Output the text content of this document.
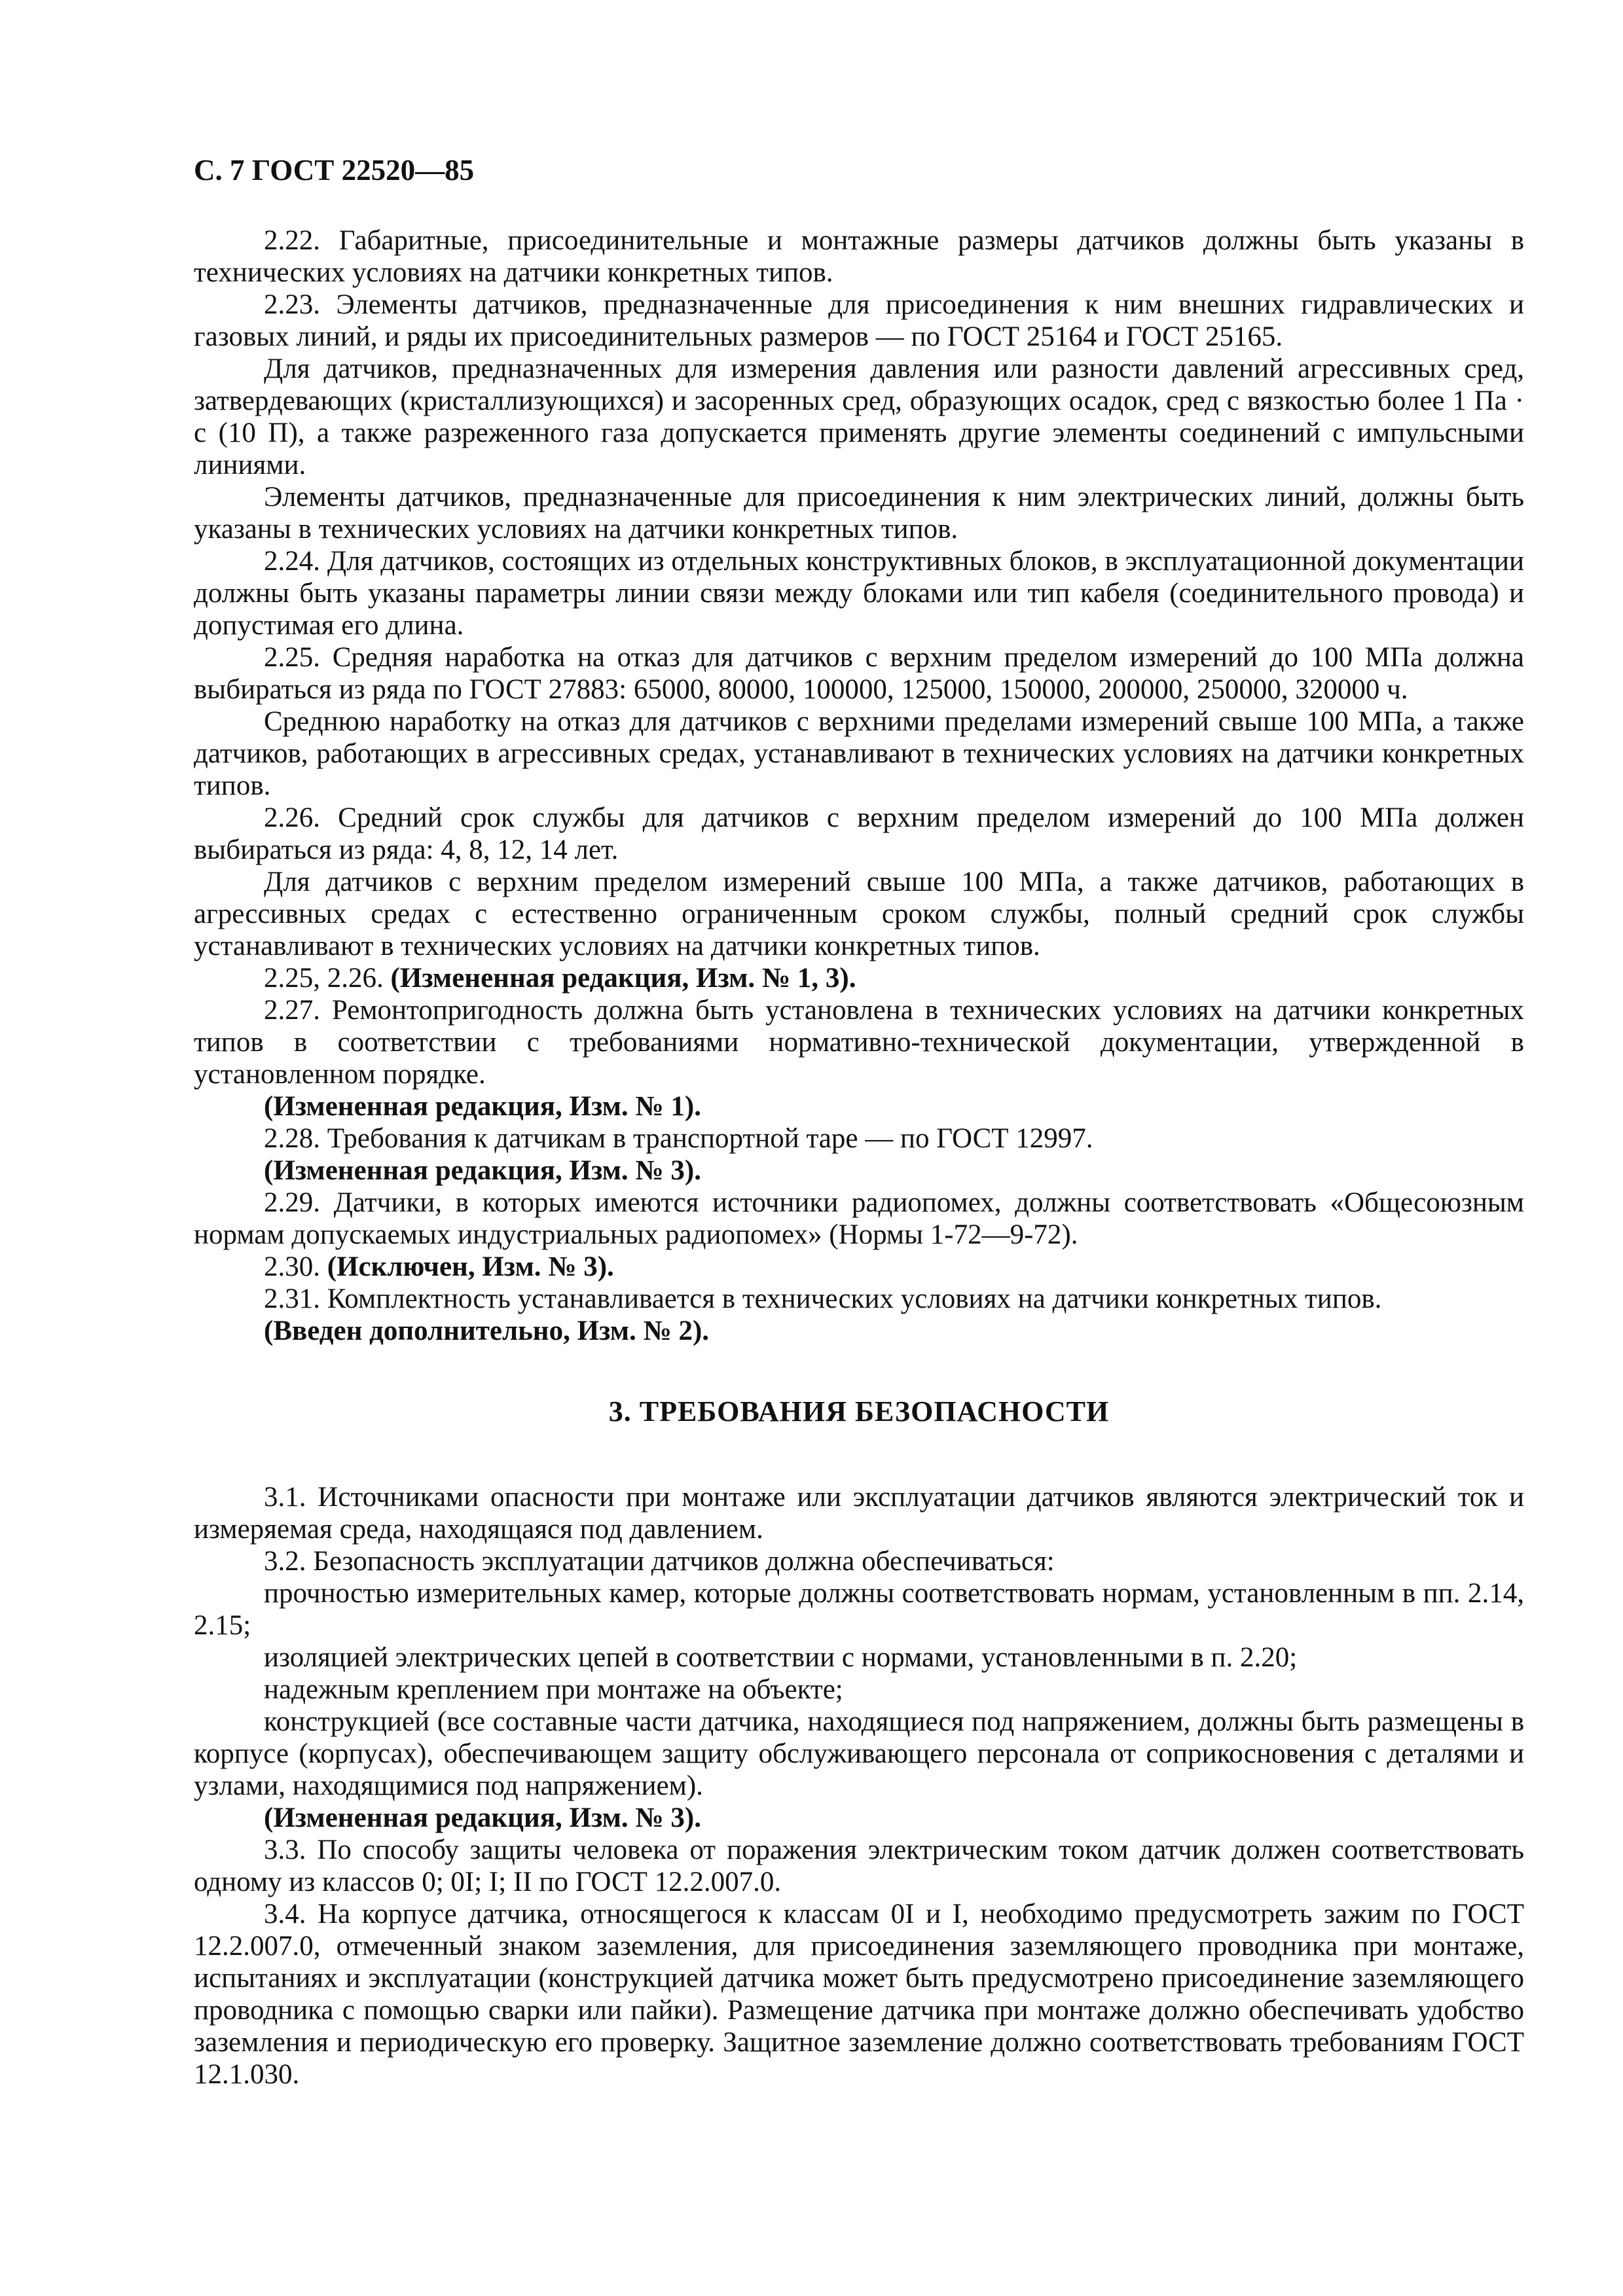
С. 7 ГОСТ 22520—85

2.22. Габаритные, присоединительные и монтажные размеры датчиков должны быть указаны в технических условиях на датчики конкретных типов.

2.23. Элементы датчиков, предназначенные для присоединения к ним внешних гидравлических и газовых линий, и ряды их присоединительных размеров — по ГОСТ 25164 и ГОСТ 25165.

Для датчиков, предназначенных для измерения давления или разности давлений агрессивных сред, затвердевающих (кристаллизующихся) и засоренных сред, образующих осадок, сред с вязкостью более 1 Па · с (10 П), а также разреженного газа допускается применять другие элементы соединений с импульсными линиями.

Элементы датчиков, предназначенные для присоединения к ним электрических линий, должны быть указаны в технических условиях на датчики конкретных типов.

2.24. Для датчиков, состоящих из отдельных конструктивных блоков, в эксплуатационной документации должны быть указаны параметры линии связи между блоками или тип кабеля (соединительного провода) и допустимая его длина.

2.25. Средняя наработка на отказ для датчиков с верхним пределом измерений до 100 МПа должна выбираться из ряда по ГОСТ 27883: 65000, 80000, 100000, 125000, 150000, 200000, 250000, 320000 ч.

Среднюю наработку на отказ для датчиков с верхними пределами измерений свыше 100 МПа, а также датчиков, работающих в агрессивных средах, устанавливают в технических условиях на датчики конкретных типов.

2.26. Средний срок службы для датчиков с верхним пределом измерений до 100 МПа должен выбираться из ряда: 4, 8, 12, 14 лет.

Для датчиков с верхним пределом измерений свыше 100 МПа, а также датчиков, работающих в агрессивных средах с естественно ограниченным сроком службы, полный средний срок службы устанавливают в технических условиях на датчики конкретных типов.

2.25, 2.26. (Измененная редакция, Изм. № 1, 3).

2.27. Ремонтопригодность должна быть установлена в технических условиях на датчики конкретных типов в соответствии с требованиями нормативно-технической документации, утвержденной в установленном порядке.

(Измененная редакция, Изм. № 1).

2.28. Требования к датчикам в транспортной таре — по ГОСТ 12997.

(Измененная редакция, Изм. № 3).

2.29. Датчики, в которых имеются источники радиопомех, должны соответствовать «Общесоюзным нормам допускаемых индустриальных радиопомех» (Нормы 1-72—9-72).

2.30. (Исключен, Изм. № 3).

2.31. Комплектность устанавливается в технических условиях на датчики конкретных типов.

(Введен дополнительно, Изм. № 2).

3. ТРЕБОВАНИЯ БЕЗОПАСНОСТИ

3.1. Источниками опасности при монтаже или эксплуатации датчиков являются электрический ток и измеряемая среда, находящаяся под давлением.

3.2. Безопасность эксплуатации датчиков должна обеспечиваться:

прочностью измерительных камер, которые должны соответствовать нормам, установленным в пп. 2.14, 2.15;

изоляцией электрических цепей в соответствии с нормами, установленными в п. 2.20;

надежным креплением при монтаже на объекте;

конструкцией (все составные части датчика, находящиеся под напряжением, должны быть размещены в корпусе (корпусах), обеспечивающем защиту обслуживающего персонала от соприкосновения с деталями и узлами, находящимися под напряжением).

(Измененная редакция, Изм. № 3).

3.3. По способу защиты человека от поражения электрическим током датчик должен соответствовать одному из классов 0; 0I; I; II по ГОСТ 12.2.007.0.

3.4. На корпусе датчика, относящегося к классам 0I и I, необходимо предусмотреть зажим по ГОСТ 12.2.007.0, отмеченный знаком заземления, для присоединения заземляющего проводника при монтаже, испытаниях и эксплуатации (конструкцией датчика может быть предусмотрено присоединение заземляющего проводника с помощью сварки или пайки). Размещение датчика при монтаже должно обеспечивать удобство заземления и периодическую его проверку. Защитное заземление должно соответствовать требованиям ГОСТ 12.1.030.
